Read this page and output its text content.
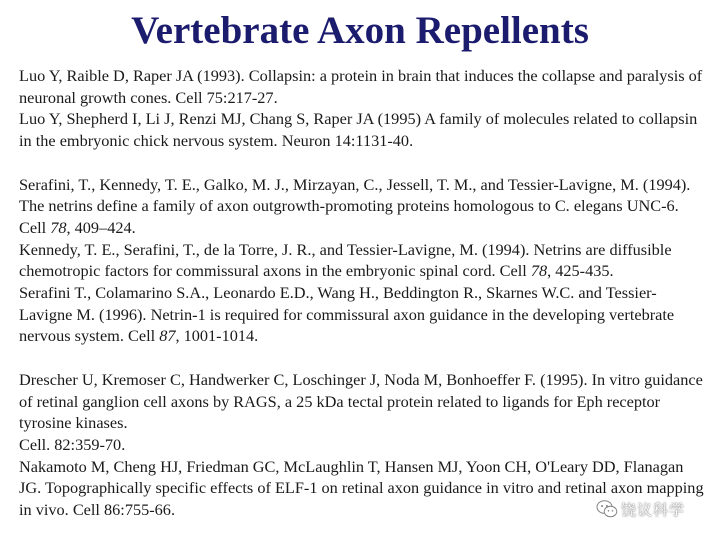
Vertebrate Axon Repellents

Luo Y, Raible D, Raper JA (1993). Collapsin: a protein in brain that induces the collapse and paralysis of neuronal growth cones. Cell 75:217-27.

Luo Y, Shepherd I, Li J, Renzi MJ, Chang S, Raper JA (1995) A family of molecules related to collapsin in the embryonic chick nervous system. Neuron 14:1131-40.

Serafini, T., Kennedy, T. E., Galko, M. J., Mirzayan, C., Jessell, T. M., and Tessier-Lavigne, M. (1994). The netrins define a family of axon outgrowth-promoting proteins homologous to C. elegans UNC-6. Cell 78, 409–424.

Kennedy, T. E., Serafini, T., de la Torre, J. R., and Tessier-Lavigne, M. (1994). Netrins are diffusible chemotropic factors for commissural axons in the embryonic spinal cord. Cell 78, 425-435.

Serafini T., Colamarino S.A., Leonardo E.D., Wang H., Beddington R., Skarnes W.C. and Tessier-Lavigne M. (1996). Netrin-1 is required for commissural axon guidance in the developing vertebrate nervous system. Cell 87, 1001-1014.

Drescher U, Kremoser C, Handwerker C, Loschinger J, Noda M, Bonhoeffer F. (1995). In vitro guidance of retinal ganglion cell axons by RAGS, a 25 kDa tectal protein related to ligands for Eph receptor tyrosine kinases.

Cell. 82:359-70.

Nakamoto M, Cheng HJ, Friedman GC, McLaughlin T, Hansen MJ, Yoon CH, O'Leary DD, Flanagan JG. Topographically specific effects of ELF-1 on retinal axon guidance in vitro and retinal axon mapping in vivo. Cell 86:755-66.	饶议科学
